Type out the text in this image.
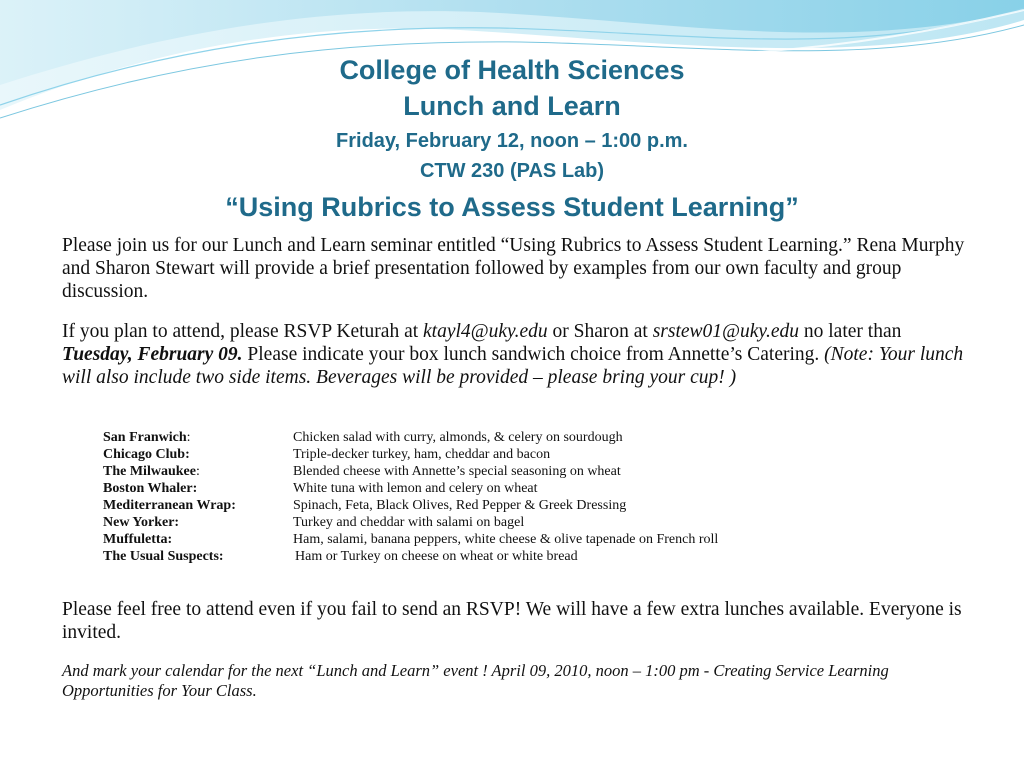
College of Health Sciences
Lunch and Learn
Friday, February 12, noon – 1:00 p.m.
CTW 230 (PAS Lab)
“Using Rubrics to Assess Student Learning”
Please join us for our Lunch and Learn seminar entitled “Using Rubrics to Assess Student Learning.” Rena Murphy and Sharon Stewart will provide a brief presentation followed by examples from our own faculty and group discussion.
If you plan to attend, please RSVP Keturah at ktayl4@uky.edu or Sharon at srstew01@uky.edu no later than Tuesday, February 09. Please indicate your box lunch sandwich choice from Annette’s Catering. (Note: Your lunch will also include two side items. Beverages will be provided – please bring your cup! )
San Franwich:	Chicken salad with curry, almonds, & celery on sourdough
Chicago Club:	Triple-decker turkey, ham, cheddar and bacon
The Milwaukee:	Blended cheese with Annette’s special seasoning on wheat
Boston Whaler:	White tuna with lemon and celery on wheat
Mediterranean Wrap:	Spinach, Feta, Black Olives, Red Pepper & Greek Dressing
New Yorker:	Turkey and cheddar with salami on bagel
Muffuletta:	Ham, salami, banana peppers, white cheese & olive tapenade on French roll
The Usual Suspects:	Ham or Turkey on cheese on wheat or white bread
Please feel free to attend even if you fail to send an RSVP! We will have a few extra lunches available. Everyone is invited.
And mark your calendar for the next “Lunch and Learn” event ! April 09, 2010, noon – 1:00 pm - Creating Service Learning Opportunities for Your Class.
